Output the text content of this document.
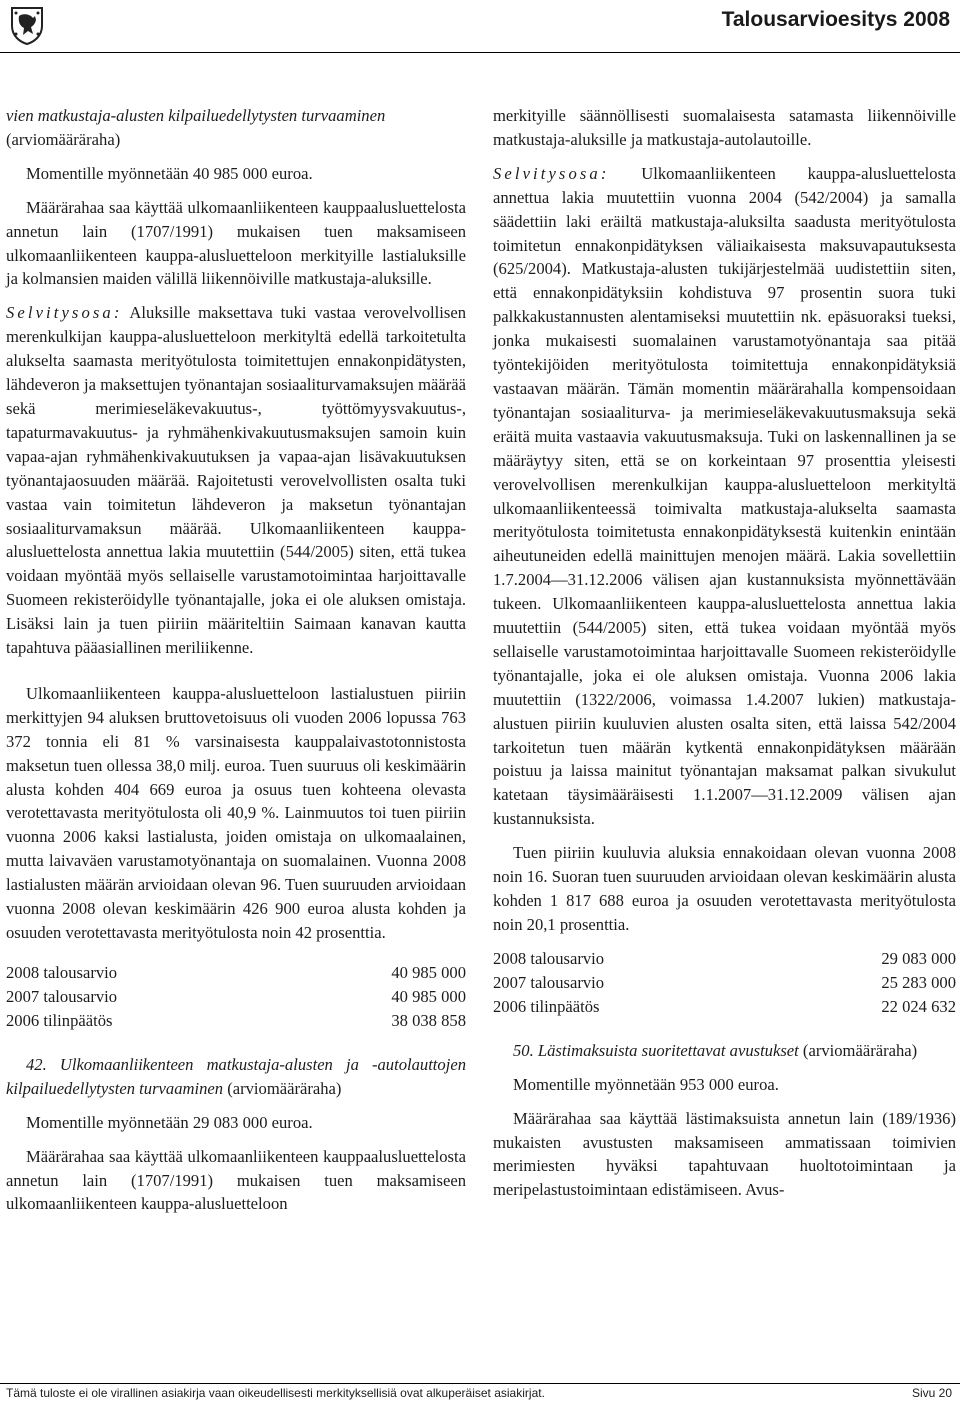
Talousarvioesitys 2008

vien matkustaja-alusten kilpailuedellytysten turvaaminen
(arviomääräraha)

Momentille myönnetään 40 985 000 euroa.

Määrärahaa saa käyttää ulkomaanliikenteen kauppaalusluettelosta annetun lain (1707/1991) mukaisen tuen maksamiseen ulkomaanliikenteen kauppa-alusluetteloon merkityille lastialuksille ja kolmansien maiden välillä liikennöiville matkustaja-aluksille.

Selvitysosa: Aluksille maksettava tuki vastaa verovelvollisen merenkulkijan kauppa-alusluetteloon merkityltä edellä tarkoitetulta alukselta saamasta merityötulosta toimitettujen ennakonpidätysten, lähdeveron ja maksettujen työnantajan sosiaaliturvamaksujen määrää sekä merimieseläkevakuutus-, työttömyysvakuutus-, tapaturmavakuutus- ja ryhmähenkivakuutusmaksujen samoin kuin vapaa-ajan ryhmähenkivakuutuksen ja vapaa-ajan lisävakuutuksen työnantajaosuuden määrää. Rajoitetusti verovelvollisten osalta tuki vastaa vain toimitetun lähdeveron ja maksetun työnantajan sosiaaliturvamaksun määrää. Ulkomaanliikenteen kauppa-alusluettelosta annettua lakia muutettiin (544/2005) siten, että tukea voidaan myöntää myös sellaiselle varustamotoimintaa harjoittavalle Suomeen rekisteröidylle työnantajalle, joka ei ole aluksen omistaja. Lisäksi lain ja tuen piiriin määriteltiin Saimaan kanavan kautta tapahtuva pääasiallinen meriliikenne.

Ulkomaanliikenteen kauppa-alusluetteloon lastialustuen piiriin merkittyjen 94 aluksen bruttovetoisuus oli vuoden 2006 lopussa 763 372 tonnia eli 81 % varsinaisesta kauppalaivastotonnistosta maksetun tuen ollessa 38,0 milj. euroa. Tuen suuruus oli keskimäärin alusta kohden 404 669 euroa ja osuus tuen kohteena olevasta verotettavasta merityötulosta oli 40,9 %. Lainmuutos toi tuen piiriin vuonna 2006 kaksi lastialusta, joiden omistaja on ulkomaalainen, mutta laivaväen varustamotyönantaja on suomalainen. Vuonna 2008 lastialusten määrän arvioidaan olevan 96. Tuen suuruuden arvioidaan vuonna 2008 olevan keskimäärin 426 900 euroa alusta kohden ja osuuden verotettavasta merityötulosta noin 42 prosenttia.

2008 talousarvio	40 985 000
2007 talousarvio	40 985 000
2006 tilinpäätös	38 038 858

42. Ulkomaanliikenteen matkustaja-alusten ja -autolauttojen kilpailuedellytysten turvaaminen (arviomääräraha)

Momentille myönnetään 29 083 000 euroa.

Määrärahaa saa käyttää ulkomaanliikenteen kauppaalusluettelosta annetun lain (1707/1991) mukaisen tuen maksamiseen ulkomaanliikenteen kauppa-alusluetteloon

merkityille säännöllisesti suomalaisesta satamasta liikennöiville matkustaja-aluksille ja matkustaja-autolautoille.

Selvitysosa: Ulkomaanliikenteen kauppa-alusluettelosta annettua lakia muutettiin vuonna 2004 (542/2004) ja samalla säädettiin laki eräiltä matkustaja-aluksilta saadusta merityötulosta toimitetun ennakonpidätyksen väliaikaisesta maksuvapautuksesta (625/2004). Matkustaja-alusten tukijärjestelmää uudistettiin siten, että ennakonpidätyksiin kohdistuva 97 prosentin suora tuki palkkakustannusten alentamiseksi muutettiin nk. epäsuoraksi tueksi, jonka mukaisesti suomalainen varustamotyönantaja saa pitää työntekijöiden merityötulosta toimitettuja ennakonpidätyksiä vastaavan määrän. Tämän momentin määrärahalla kompensoidaan työnantajan sosiaaliturva- ja merimieseläkevakuutusmaksuja sekä eräitä muita vastaavia vakuutusmaksuja. Tuki on laskennallinen ja se määräytyy siten, että se on korkeintaan 97 prosenttia yleisesti verovelvollisen merenkulkijan kauppa-alusluetteloon merkityltä ulkomaanliikenteessä toimivalta matkustaja-alukselta saamasta merityötulosta toimitetusta ennakonpidätyksestä kuitenkin enintään aiheutuneiden edellä mainittujen menojen määrä. Lakia sovellettiin 1.7.2004—31.12.2006 välisen ajan kustannuksista myönnettävään tukeen. Ulkomaanliikenteen kauppa-alusluettelosta annettua lakia muutettiin (544/2005) siten, että tukea voidaan myöntää myös sellaiselle varustamotoimintaa harjoittavalle Suomeen rekisteröidylle työnantajalle, joka ei ole aluksen omistaja. Vuonna 2006 lakia muutettiin (1322/2006, voimassa 1.4.2007 lukien) matkustaja-alustuen piiriin kuuluvien alusten osalta siten, että laissa 542/2004 tarkoitetun tuen määrän kytkentä ennakonpidätyksen määrään poistuu ja laissa mainitut työnantajan maksamat palkan sivukulut katetaan täysimääräisesti 1.1.2007—31.12.2009 välisen ajan kustannuksista.

Tuen piiriin kuuluvia aluksia ennakoidaan olevan vuonna 2008 noin 16. Suoran tuen suuruuden arvioidaan olevan keskimäärin alusta kohden 1 817 688 euroa ja osuuden verotettavasta merityötulosta noin 20,1 prosenttia.

2008 talousarvio	29 083 000
2007 talousarvio	25 283 000
2006 tilinpäätös	22 024 632

50. Lästimaksuista suoritettavat avustukset (arviomääräraha)

Momentille myönnetään 953 000 euroa.

Määrärahaa saa käyttää lästimaksuista annetun lain (189/1936) mukaisten avustusten maksamiseen ammatissaan toimivien merimiesten hyväksi tapahtuvaan huoltotoimintaan ja meripelastustoimintaan edistämiseen. Avus-

Tämä tuloste ei ole virallinen asiakirja vaan oikeudellisesti merkityksellisiä ovat alkuperäiset asiakirjat.	Sivu 20
